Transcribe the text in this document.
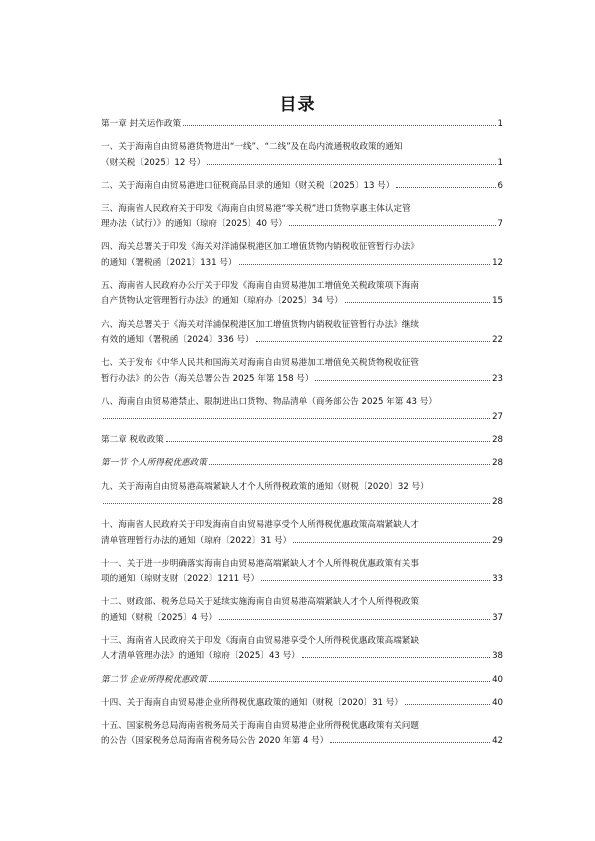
目录
第一章 封关运作政策	1
一、关于海南自由贸易港货物进出“一线”、“二线”及在岛内流通税收政策的通知
（财关税〔2025〕12 号）	1
二、关于海南自由贸易港进口征税商品目录的通知（财关税〔2025〕13 号）	6
三、海南省人民政府关于印发《海南自由贸易港“零关税”进口货物享惠主体认定管
理办法（试行）》的通知（琼府〔2025〕40 号）	7
四、海关总署关于印发《海关对洋浦保税港区加工增值货物内销税收征管暂行办法》
的通知（署税函〔2021〕131 号）	12
五、海南省人民政府办公厅关于印发《海南自由贸易港加工增值免关税政策项下海南
自产货物认定管理暂行办法》的通知（琼府办〔2025〕34 号）	15
六、海关总署关于《海关对洋浦保税港区加工增值货物内销税收征管暂行办法》继续
有效的通知（署税函〔2024〕336 号）	22
七、关于发布《中华人民共和国海关对海南自由贸易港加工增值免关税货物税收征管
暂行办法》的公告（海关总署公告 2025 年第 158 号）	23
八、海南自由贸易港禁止、限制进出口货物、物品清单（商务部公告 2025 年第 43 号）
27
第二章 税收政策	28
第一节 个人所得税优惠政策	28
九、关于海南自由贸易港高端紧缺人才个人所得税政策的通知（财税〔2020〕32 号）
28
十、海南省人民政府关于印发海南自由贸易港享受个人所得税优惠政策高端紧缺人才
清单管理暂行办法的通知（琼府〔2022〕31 号）	29
十一、关于进一步明确落实海南自由贸易港高端紧缺人才个人所得税优惠政策有关事
项的通知（琼财支财〔2022〕1211 号）	33
十二、财政部、税务总局关于延续实施海南自由贸易港高端紧缺人才个人所得税政策
的通知（财税〔2025〕4 号）	37
十三、海南省人民政府关于印发《海南自由贸易港享受个人所得税优惠政策高端紧缺
人才清单管理办法》的通知（琼府〔2025〕43 号）	38
第二节 企业所得税优惠政策	40
十四、关于海南自由贸易港企业所得税优惠政策的通知（财税〔2020〕31 号）	40
十五、国家税务总局海南省税务局关于海南自由贸易港企业所得税优惠政策有关问题
的公告（国家税务总局海南省税务局公告 2020 年第 4 号）	42
